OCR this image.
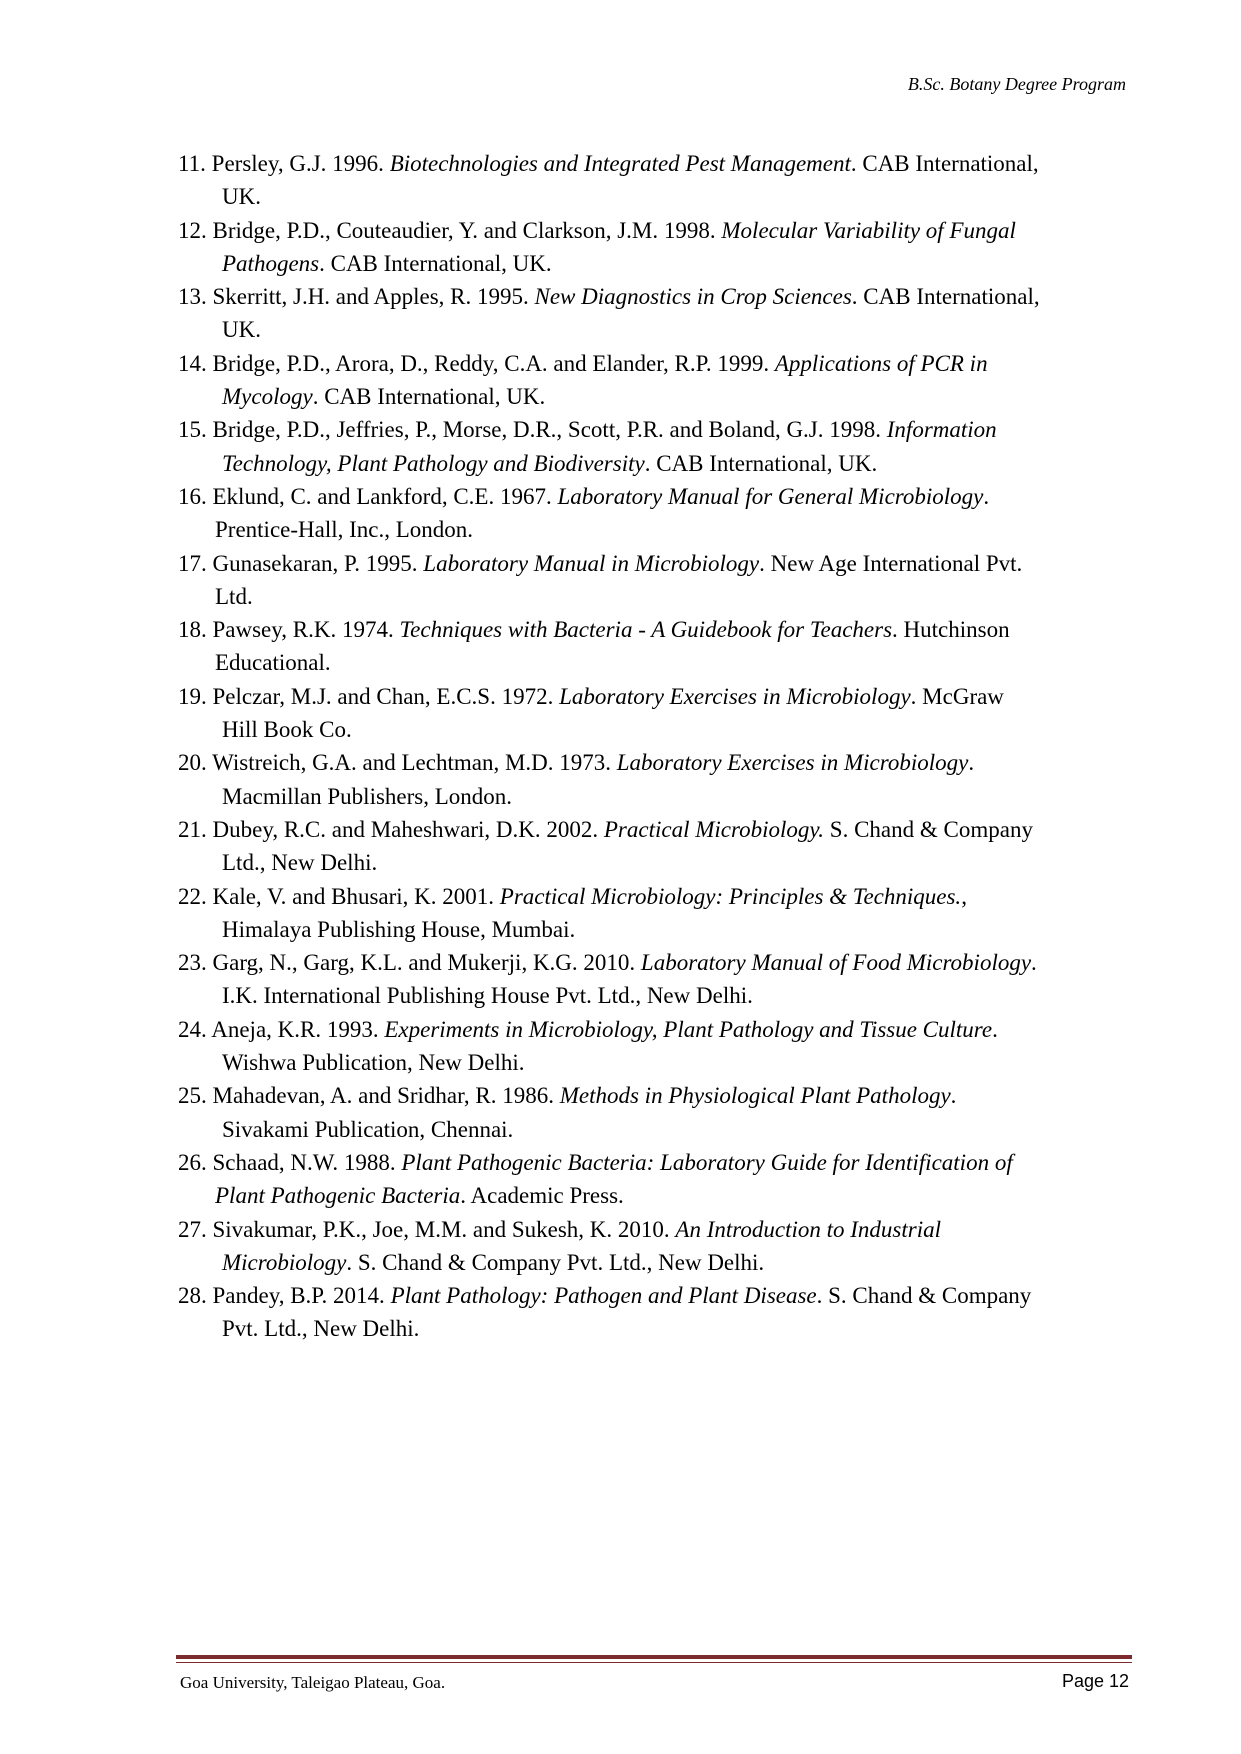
B.Sc. Botany Degree Program
11. Persley, G.J. 1996. Biotechnologies and Integrated Pest Management. CAB International,
UK.
12. Bridge, P.D., Couteaudier, Y. and Clarkson, J.M. 1998. Molecular Variability of Fungal
Pathogens. CAB International, UK.
13. Skerritt, J.H. and Apples, R. 1995. New Diagnostics in Crop Sciences. CAB International,
UK.
14. Bridge, P.D., Arora, D., Reddy, C.A. and Elander, R.P. 1999. Applications of PCR in
Mycology. CAB International, UK.
15. Bridge, P.D., Jeffries, P., Morse, D.R., Scott, P.R. and Boland, G.J. 1998. Information
Technology, Plant Pathology and Biodiversity. CAB International, UK.
16. Eklund, C. and Lankford, C.E. 1967. Laboratory Manual for General Microbiology.
Prentice-Hall, Inc., London.
17. Gunasekaran, P. 1995. Laboratory Manual in Microbiology. New Age International Pvt.
Ltd.
18. Pawsey, R.K. 1974. Techniques with Bacteria - A Guidebook for Teachers. Hutchinson
Educational.
19. Pelczar, M.J. and Chan, E.C.S. 1972. Laboratory Exercises in Microbiology. McGraw
Hill Book Co.
20. Wistreich, G.A. and Lechtman, M.D. 1973. Laboratory Exercises in Microbiology.
Macmillan Publishers, London.
21. Dubey, R.C. and Maheshwari, D.K. 2002. Practical Microbiology. S. Chand & Company
Ltd., New Delhi.
22. Kale, V. and Bhusari, K. 2001. Practical Microbiology: Principles & Techniques.,
Himalaya Publishing House, Mumbai.
23. Garg, N., Garg, K.L. and Mukerji, K.G. 2010. Laboratory Manual of Food Microbiology.
I.K. International Publishing House Pvt. Ltd., New Delhi.
24. Aneja, K.R. 1993. Experiments in Microbiology, Plant Pathology and Tissue Culture.
Wishwa Publication, New Delhi.
25. Mahadevan, A. and Sridhar, R. 1986. Methods in Physiological Plant Pathology.
Sivakami Publication, Chennai.
26. Schaad, N.W. 1988. Plant Pathogenic Bacteria: Laboratory Guide for Identification of
Plant Pathogenic Bacteria. Academic Press.
27. Sivakumar, P.K., Joe, M.M. and Sukesh, K. 2010. An Introduction to Industrial
Microbiology. S. Chand & Company Pvt. Ltd., New Delhi.
28. Pandey, B.P. 2014. Plant Pathology: Pathogen and Plant Disease. S. Chand & Company
Pvt. Ltd., New Delhi.
Goa University, Taleigao Plateau, Goa.	Page 12
